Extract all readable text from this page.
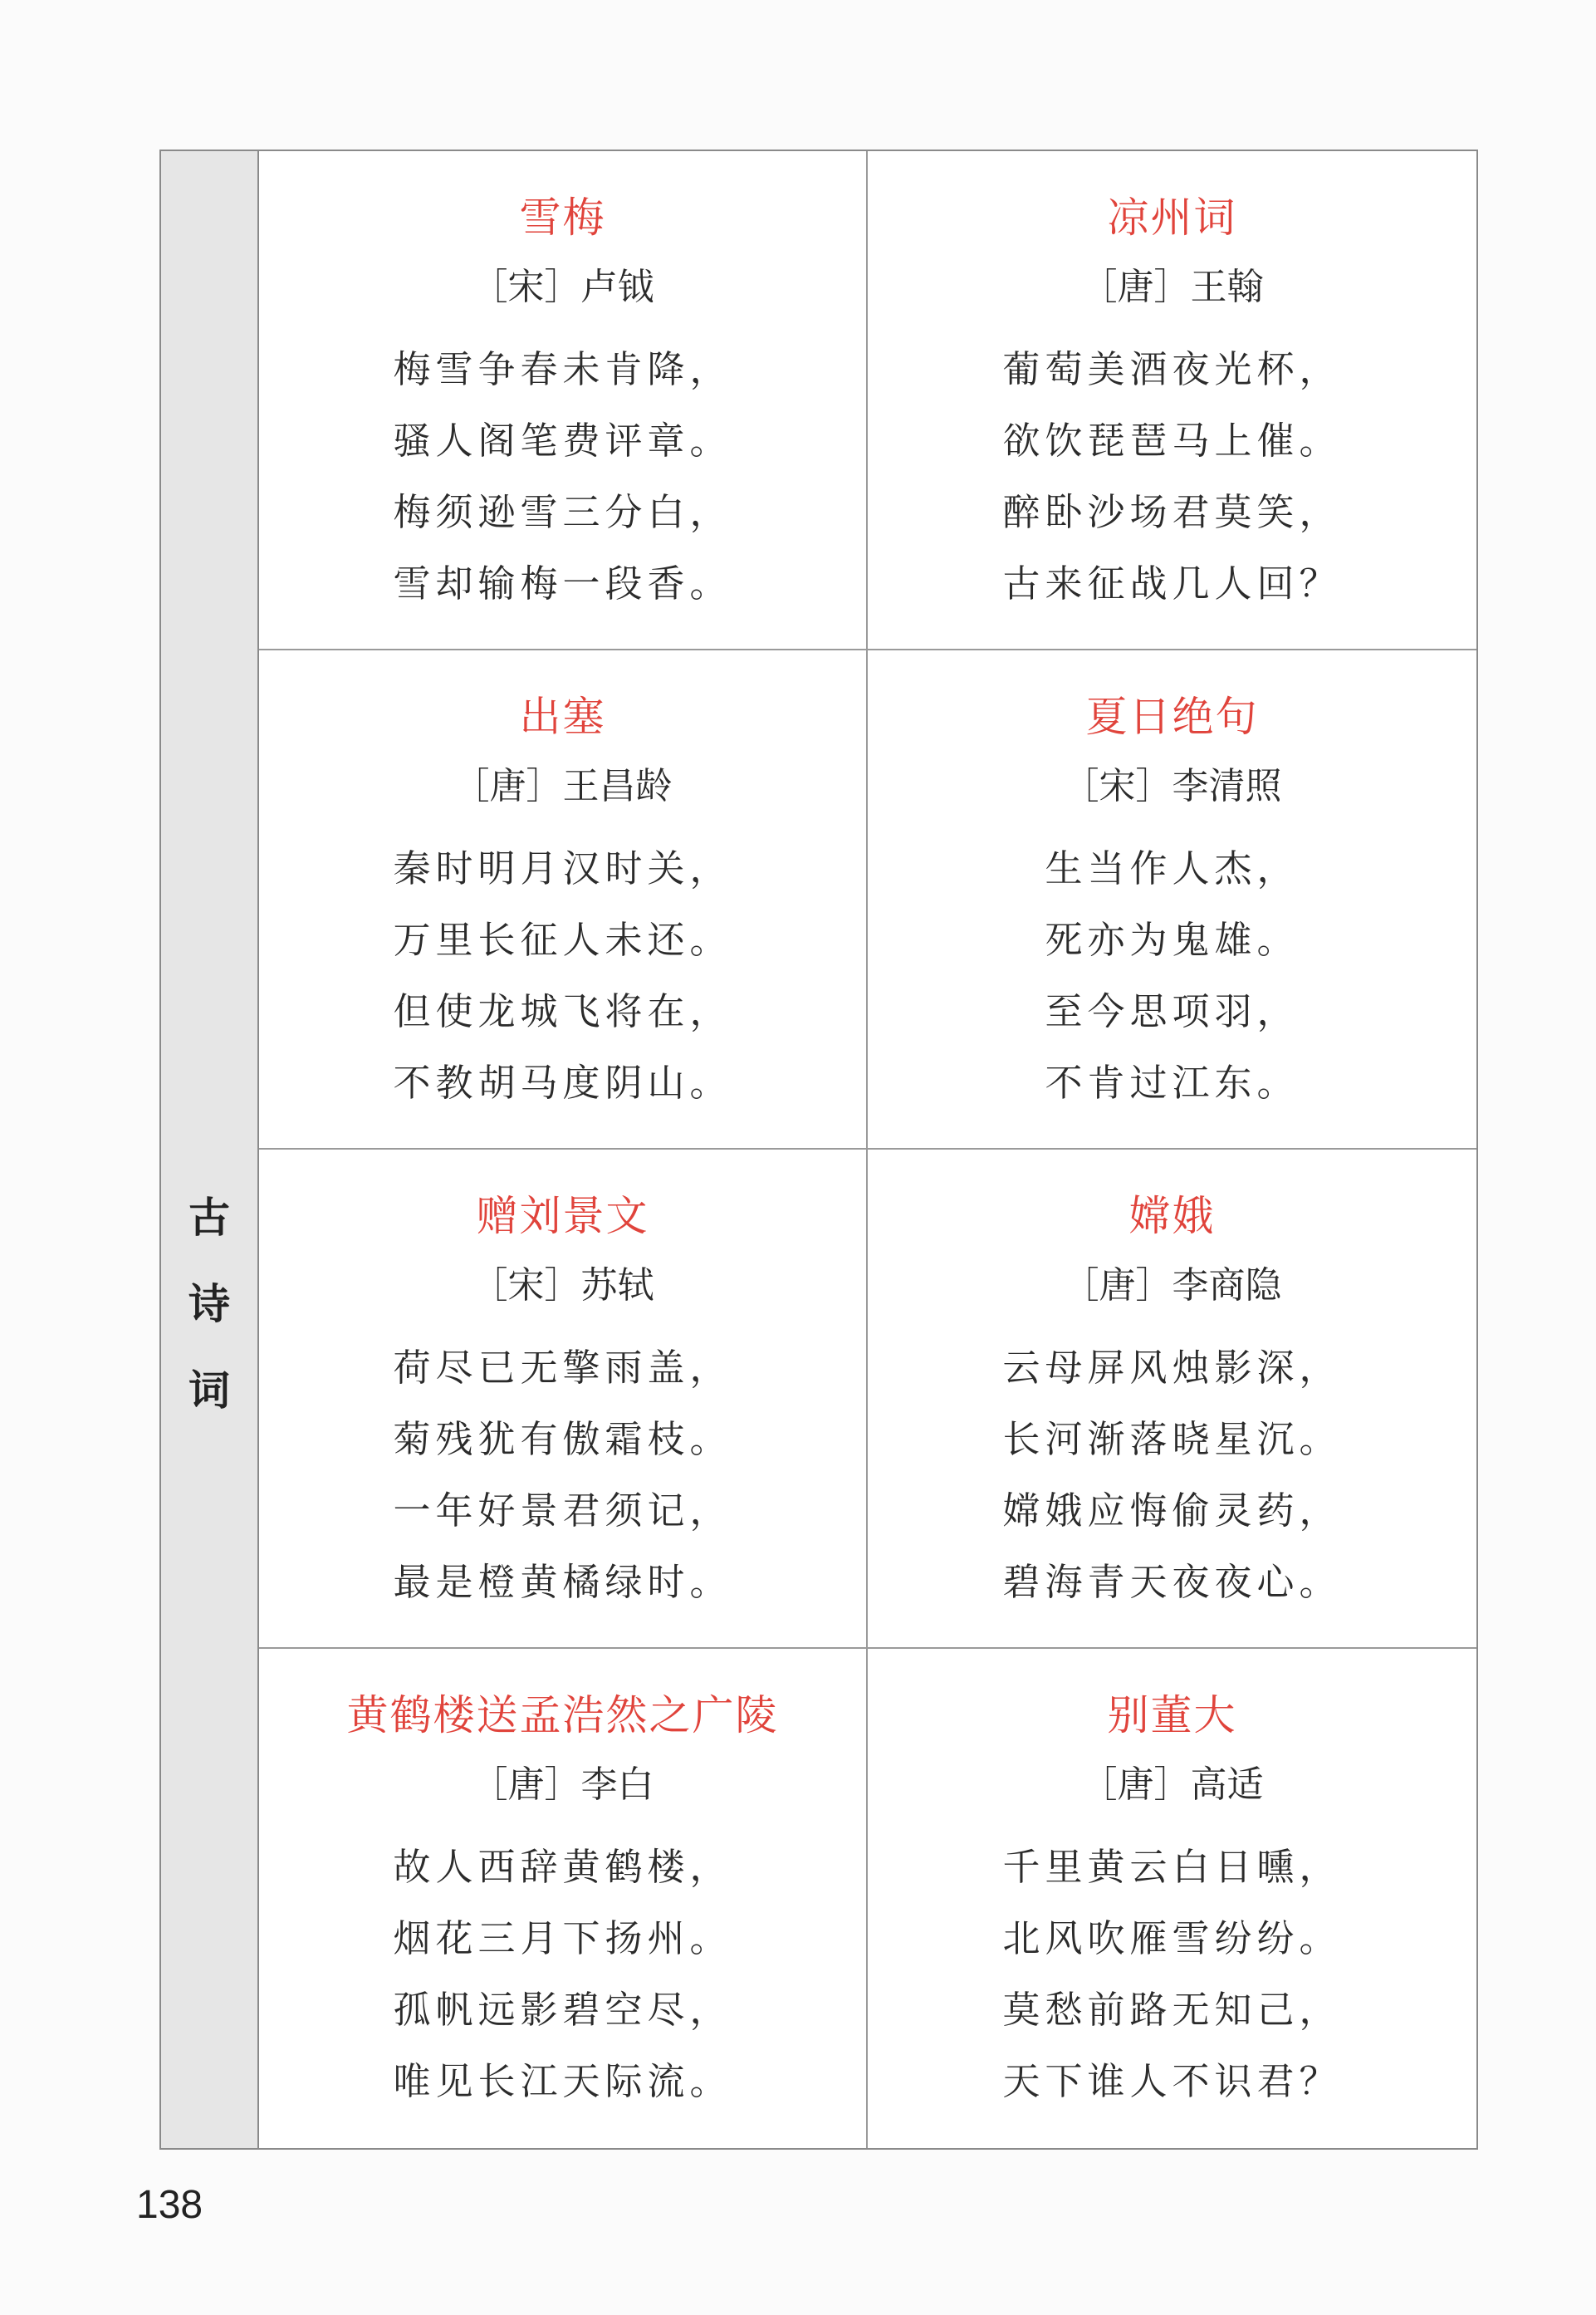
古
诗
词
雪梅
［宋］卢钺
梅雪争春未肯降，
骚人阁笔费评章。
梅须逊雪三分白，
雪却输梅一段香。
凉州词
［唐］王翰
葡萄美酒夜光杯，
欲饮琵琶马上催。
醉卧沙场君莫笑，
古来征战几人回？
出塞
［唐］王昌龄
秦时明月汉时关，
万里长征人未还。
但使龙城飞将在，
不教胡马度阴山。
夏日绝句
［宋］李清照
生当作人杰，
死亦为鬼雄。
至今思项羽，
不肯过江东。
赠刘景文
［宋］苏轼
荷尽已无擎雨盖，
菊残犹有傲霜枝。
一年好景君须记，
最是橙黄橘绿时。
嫦娥
［唐］李商隐
云母屏风烛影深，
长河渐落晓星沉。
嫦娥应悔偷灵药，
碧海青天夜夜心。
黄鹤楼送孟浩然之广陵
［唐］李白
故人西辞黄鹤楼，
烟花三月下扬州。
孤帆远影碧空尽，
唯见长江天际流。
别董大
［唐］高适
千里黄云白日曛，
北风吹雁雪纷纷。
莫愁前路无知己，
天下谁人不识君？
138
